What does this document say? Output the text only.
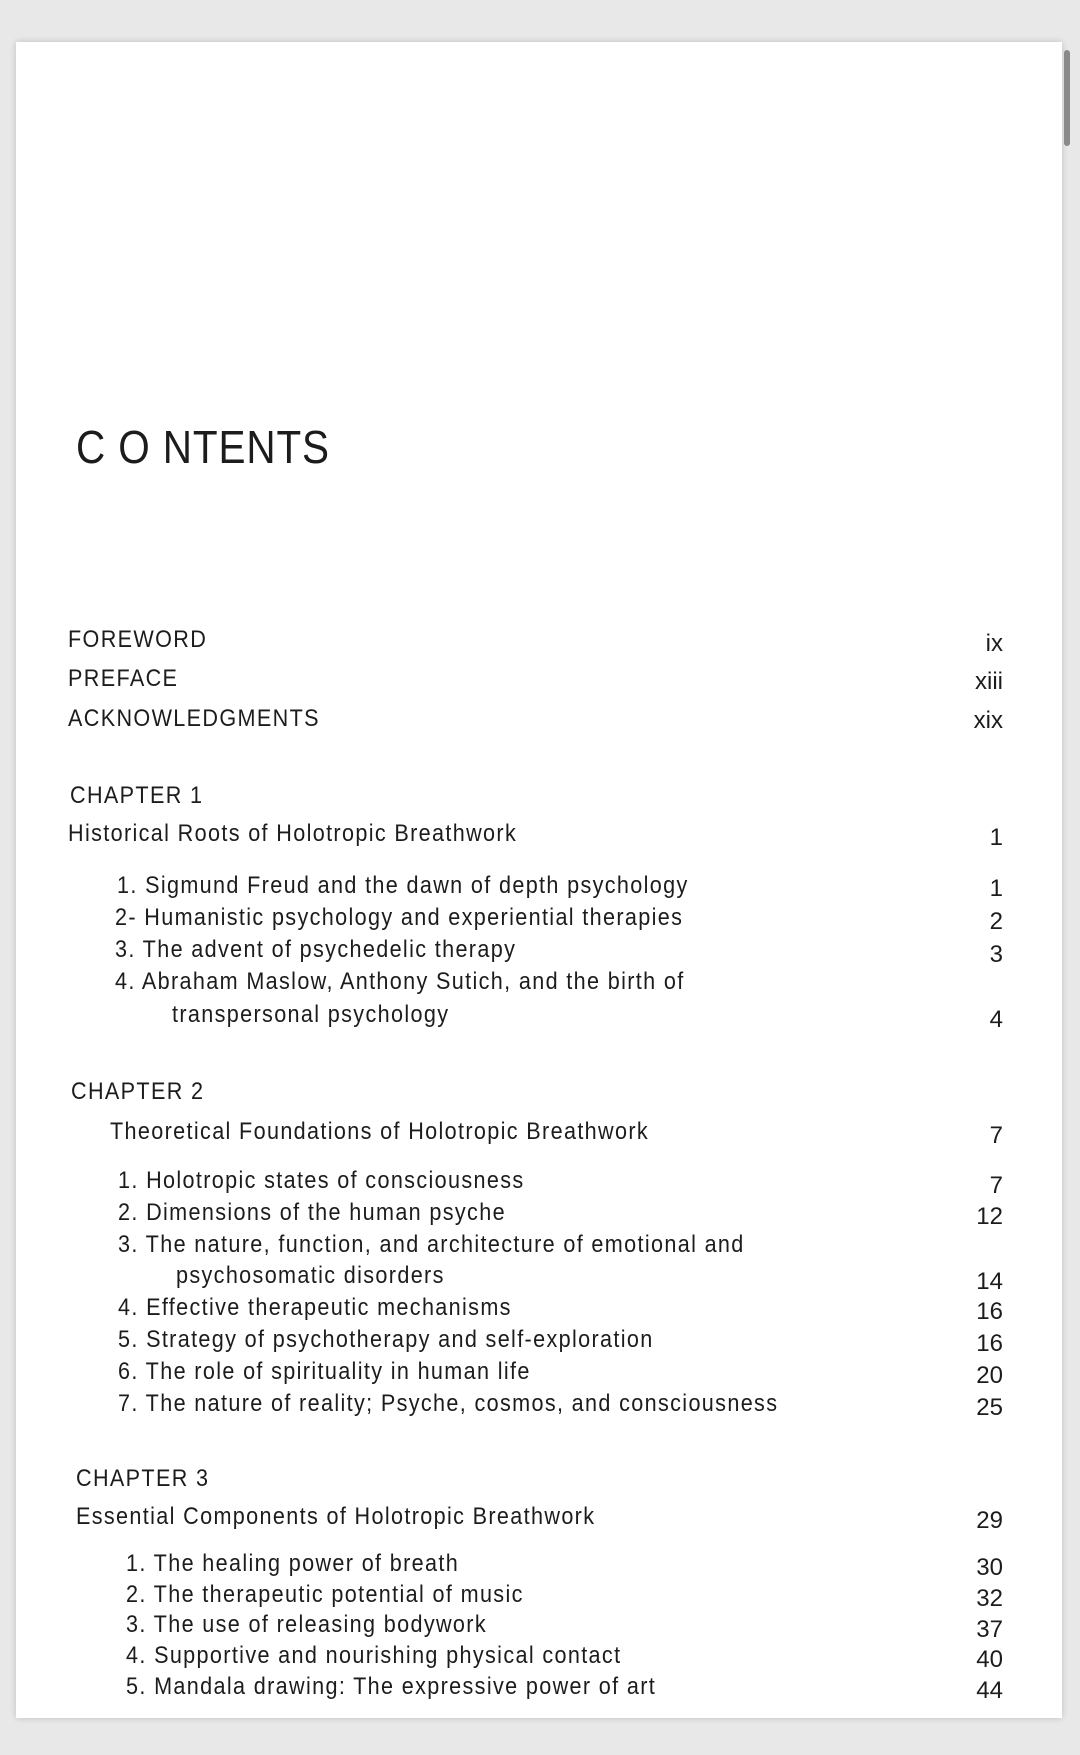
C O NTENTS
FOREWORD	ix
PREFACE	xiii
ACKNOWLEDGMENTS	xix
CHAPTER 1
Historical Roots of Holotropic Breathwork	1
1. Sigmund Freud and the dawn of depth psychology	1
2- Humanistic psychology and experiential therapies	2
3. The advent of psychedelic therapy	3
4. Abraham Maslow, Anthony Sutich, and the birth of
transpersonal psychology	4
CHAPTER 2
Theoretical Foundations of Holotropic Breathwork	7
1. Holotropic states of consciousness	7
2. Dimensions of the human psyche	12
3. The nature, function, and architecture of emotional and
psychosomatic disorders	14
4. Effective therapeutic mechanisms	16
5. Strategy of psychotherapy and self-exploration	16
6. The role of spirituality in human life	20
7. The nature of reality; Psyche, cosmos, and consciousness	25
CHAPTER 3
Essential Components of Holotropic Breathwork	29
1. The healing power of breath	30
2. The therapeutic potential of music	32
3. The use of releasing bodywork	37
4. Supportive and nourishing physical contact	40
5. Mandala drawing: The expressive power of art	44
